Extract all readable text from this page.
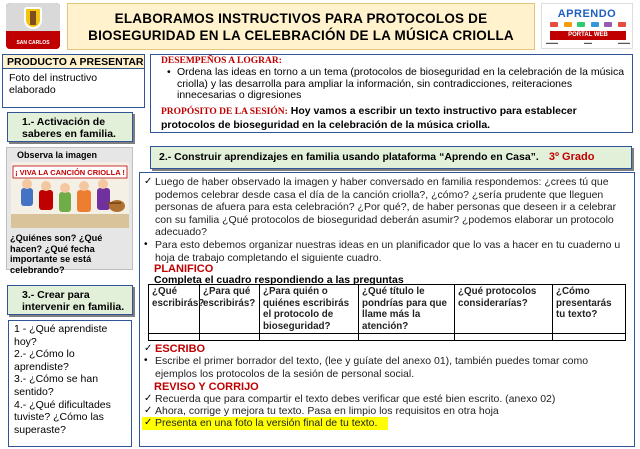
SAN CARLOS
ELABORAMOS INSTRUCTIVOS PARA PROTOCOLOS DE
BIOSEGURIDAD EN LA CELEBRACIÓN DE LA MÚSICA CRIOLLA
APRENDO
PORTAL WEB
▬▬▬	▬▬	▬▬▬
PRODUCTO A PRESENTAR
Foto del instructivo elaborado
1.- Activación de saberes en familia.
Observa la imagen
¡ VIVA LA CANCIÓN CRIOLLA !
¿Quiénes son? ¿Qué hacen? ¿Qué fecha importante se está celebrando?
3.- Crear para intervenir en familia.
1 - ¿Qué aprendiste hoy?
2.- ¿Cómo lo aprendiste?
3.- ¿Cómo se han sentido?
4.- ¿Qué dificultades tuviste? ¿Cómo las superaste?
DESEMPEÑOS A LOGRAR:
• Ordena las ideas en torno a un tema (protocolos de bioseguridad en la celebración de la música criolla) y las desarrolla para ampliar la información, sin contradicciones, reiteraciones innecesarias o digresiones
PROPÓSITO DE LA SESIÓN: Hoy vamos a escribir un texto instructivo para establecer protocolos de bioseguridad en la celebración de la música criolla.
2.- Construir aprendizajes en familia usando plataforma “Aprendo en Casa”. 3º Grado
✓ Luego de haber observado la imagen y haber conversado en familia respondemos: ¿crees tú que podemos celebrar desde casa el día de la canción criolla?, ¿cómo? ¿sería prudente que lleguen personas de afuera para esta celebración? ¿Por qué?, de haber personas que deseen ir a celebrar con su familia ¿Qué protocolos de bioseguridad deberán asumir? ¿podemos elaborar un protocolo adecuado?
• Para esto debemos organizar nuestras ideas en un planificador que lo vas a hacer en tu cuaderno u hoja de trabajo completando el siguiente cuadro.
PLANIFICO
Completa el cuadro respondiendo a las preguntas
¿Qué escribirás?	¿Para qué escribirás?	¿Para quién o quiénes escribirás el protocolo de bioseguridad?	¿Qué título le pondrías para que llame más la atención?	¿Qué protocolos considerarías?	¿Cómo presentarás tu texto?

✓ ESCRIBO
• Escribe el primer borrador del texto, (lee y guíate del anexo 01), también puedes tomar como ejemplos los protocolos de la sesión de personal social.
REVISO Y CORRIJO
✓ Recuerda que para compartir el texto debes verificar que esté bien escrito. (anexo 02)
✓ Ahora, corrige y mejora tu texto. Pasa en limpio los requisitos en otra hoja
✓ Presenta en una foto la versión final de tu texto.
